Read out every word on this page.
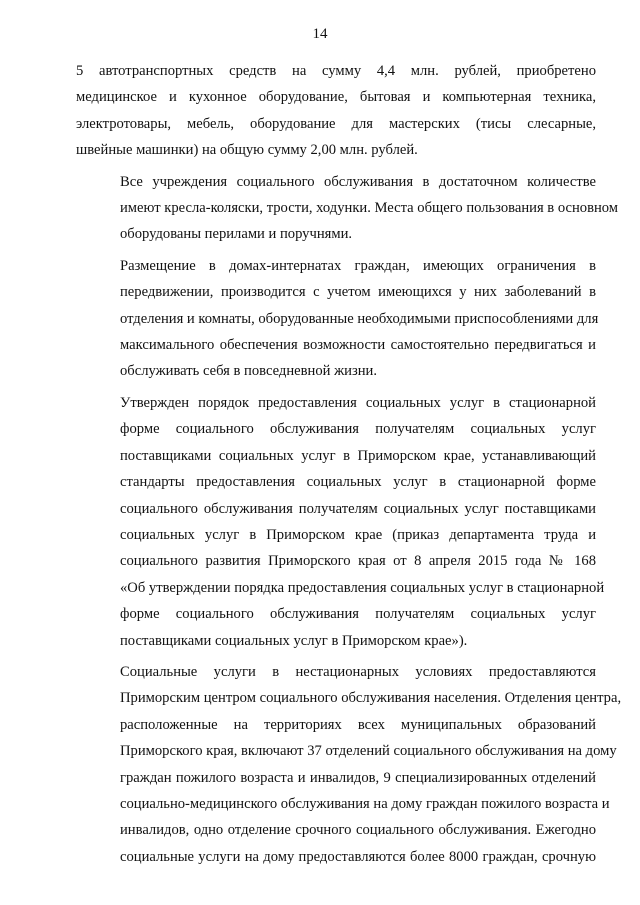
14

5 автотранспортных средств на сумму 4,4 млн. рублей, приобретено
медицинское и кухонное оборудование, бытовая и компьютерная техника,
электротовары, мебель, оборудование для мастерских (тисы слесарные,
швейные машинки) на общую сумму 2,00 млн. рублей.

Все учреждения социального обслуживания в достаточном количестве
имеют кресла-коляски, трости, ходунки. Места общего пользования в основном
оборудованы перилами и поручнями.

Размещение в домах-интернатах граждан, имеющих ограничения в
передвижении, производится с учетом имеющихся у них заболеваний в
отделения и комнаты, оборудованные необходимыми приспособлениями для
максимального обеспечения возможности самостоятельно передвигаться и
обслуживать себя в повседневной жизни.

Утвержден порядок предоставления социальных услуг в стационарной
форме социального обслуживания получателям социальных услуг
поставщиками социальных услуг в Приморском крае, устанавливающий
стандарты предоставления социальных услуг в стационарной форме
социального обслуживания получателям социальных услуг поставщиками
социальных услуг в Приморском крае (приказ департамента труда и
социального развития Приморского края от 8 апреля 2015 года № 168
«Об утверждении порядка предоставления социальных услуг в стационарной
форме социального обслуживания получателям социальных услуг
поставщиками социальных услуг в Приморском крае»).

Социальные услуги в нестационарных условиях предоставляются
Приморским центром социального обслуживания населения. Отделения центра,
расположенные на территориях всех муниципальных образований
Приморского края, включают 37 отделений социального обслуживания на дому
граждан пожилого возраста и инвалидов, 9 специализированных отделений
социально-медицинского обслуживания на дому граждан пожилого возраста и
инвалидов, одно отделение срочного социального обслуживания. Ежегодно
социальные услуги на дому предоставляются более 8000 граждан, срочную
